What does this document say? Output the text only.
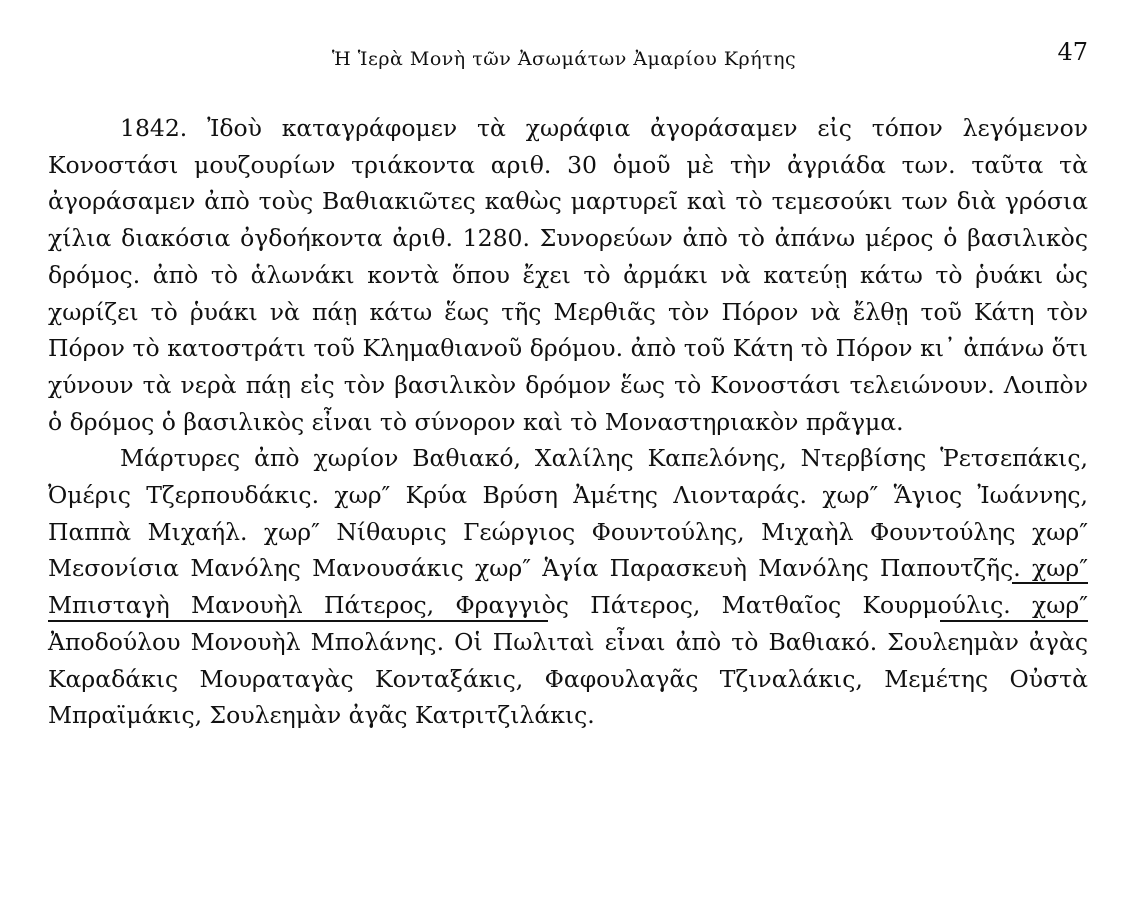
Ἡ Ἱερὰ Μονὴ τῶν Ἀσωμάτων Ἀμαρίου Κρήτης	47

1842. Ἰδοὺ καταγράφομεν τὰ χωράφια ἀγοράσαμεν εἰς τόπον λεγόμενον Κονοστάσι μουζουρίων τριάκοντα αριθ. 30 ὁμοῦ μὲ τὴν ἀγριάδα των. ταῦτα τὰ ἀγοράσαμεν ἀπὸ τοὺς Βαθιακιῶτες καθὼς μαρτυρεῖ καὶ τὸ τεμεσούκι των διὰ γρόσια χίλια διακόσια ὀγδοήκοντα ἀριθ. 1280. Συνορεύων ἀπὸ τὸ ἀπάνω μέρος ὁ βασιλικὸς δρόμος. ἀπὸ τὸ ἁλωνάκι κοντὰ ὅπου ἔχει τὸ ἀρμάκι νὰ κατεύῃ κάτω τὸ ῥυάκι ὡς χωρίζει τὸ ῥυάκι νὰ πάῃ κάτω ἕως τῆς Μερθιᾶς τὸν Πόρον νὰ ἔλθῃ τοῦ Κάτη τὸν Πόρον τὸ κατοστράτι τοῦ Κλημαθιανοῦ δρόμου. ἀπὸ τοῦ Κάτη τὸ Πόρον κι᾽ ἀπάνω ὅτι χύνουν τὰ νερὰ πάῃ εἰς τὸν βασιλικὸν δρόμον ἕως τὸ Κονοστάσι τελειώνουν. Λοιπὸν ὁ δρόμος ὁ βασιλικὸς εἶναι τὸ σύνορον καὶ τὸ Μοναστηριακὸν πρᾶγμα.

Μάρτυρες ἀπὸ χωρίον Βαθιακό, Χαλίλης Καπελόνης, Ντερβίσης Ῥετσεπάκις, Ὀμέρις Τζερπουδάκις. χωρ″ Κρύα Βρύση Ἀμέτης Λιονταράς. χωρ″ Ἅγιος Ἰωάννης, Παππὰ Μιχαήλ. χωρ″ Νίθαυρις Γεώργιος Φουντούλης, Μιχαὴλ Φουντούλης χωρ″ Μεσονίσια Μανόλης Μανουσάκις χωρ″ Ἁγία Παρασκευὴ Μανόλης Παπουτζῆς. χωρ″ Μπισταγὴ Μανουὴλ Πάτερος, Φραγγιὸς Πάτερος, Ματθαῖος Κουρμούλις. χωρ″ Ἀποδούλου Μονουὴλ Μπολάνης. Οἱ Πωλιταὶ εἶναι ἀπὸ τὸ Βαθιακό. Σουλεημὰν ἀγὰς Καραδάκις Μουραταγὰς Κονταξάκις, Φαφουλαγᾶς Τζιναλάκις, Μεμέτης Οὐστὰ Μπραϊμάκις, Σουλεημὰν ἀγᾶς Κατριτζιλάκις.
